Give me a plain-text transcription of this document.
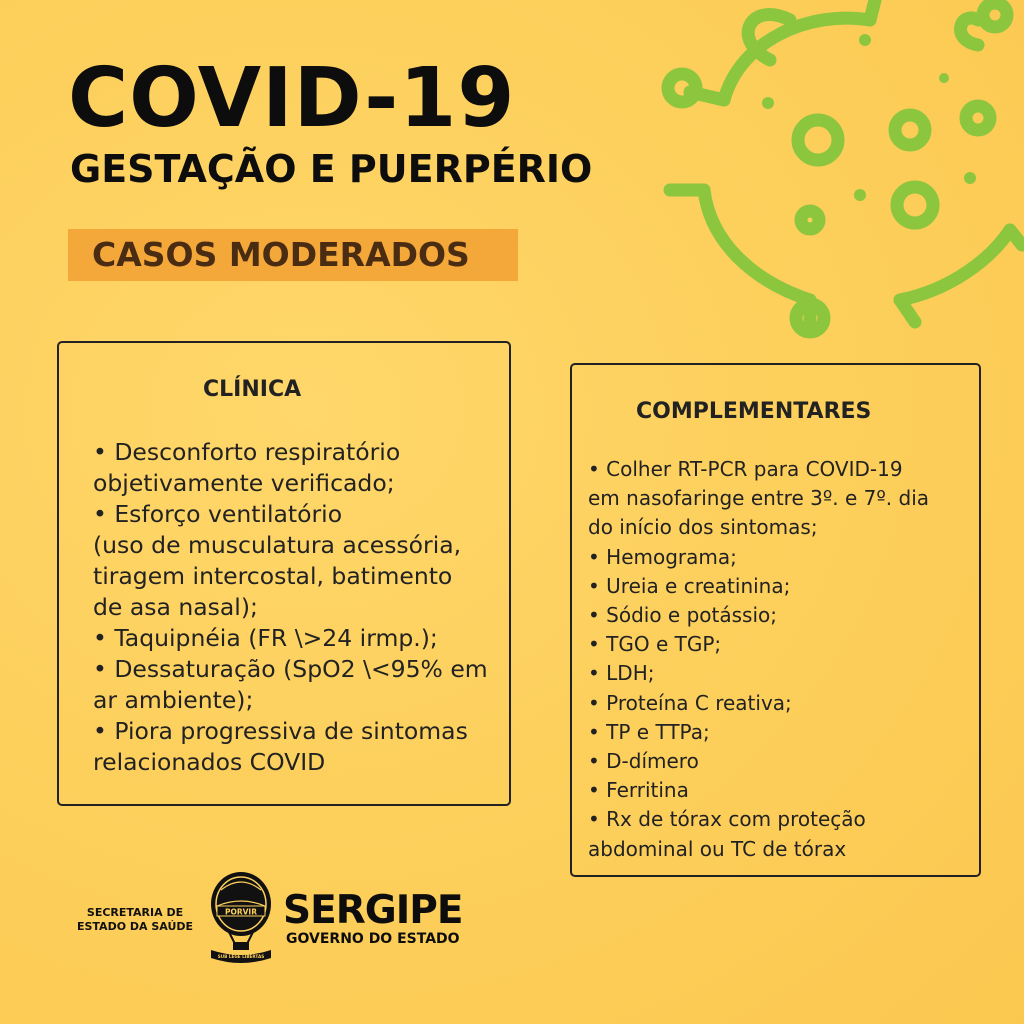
COVID-19
GESTAÇÃO E PUERPÉRIO
CASOS MODERADOS
CLÍNICA
• Desconforto respiratório
objetivamente verificado;
• Esforço ventilatório
(uso de musculatura acessória,
tiragem intercostal, batimento
de asa nasal);
• Taquipnéia (FR \>24 irmp.);
• Dessaturação (SpO2 \<95% em
ar ambiente);
• Piora progressiva de sintomas
relacionados COVID
COMPLEMENTARES
• Colher RT-PCR para COVID-19
em nasofaringe entre 3º. e 7º. dia
do início dos sintomas;
• Hemograma;
• Ureia e creatinina;
• Sódio e potássio;
• TGO e TGP;
• LDH;
• Proteína C reativa;
• TP e TTPa;
• D-dímero
• Ferritina
• Rx de tórax com proteção
abdominal ou TC de tórax
SECRETARIA DE
ESTADO DA SAÚDE
PORVIR
SUB LEGE LIBERTAS
SERGIPE
GOVERNO DO ESTADO
